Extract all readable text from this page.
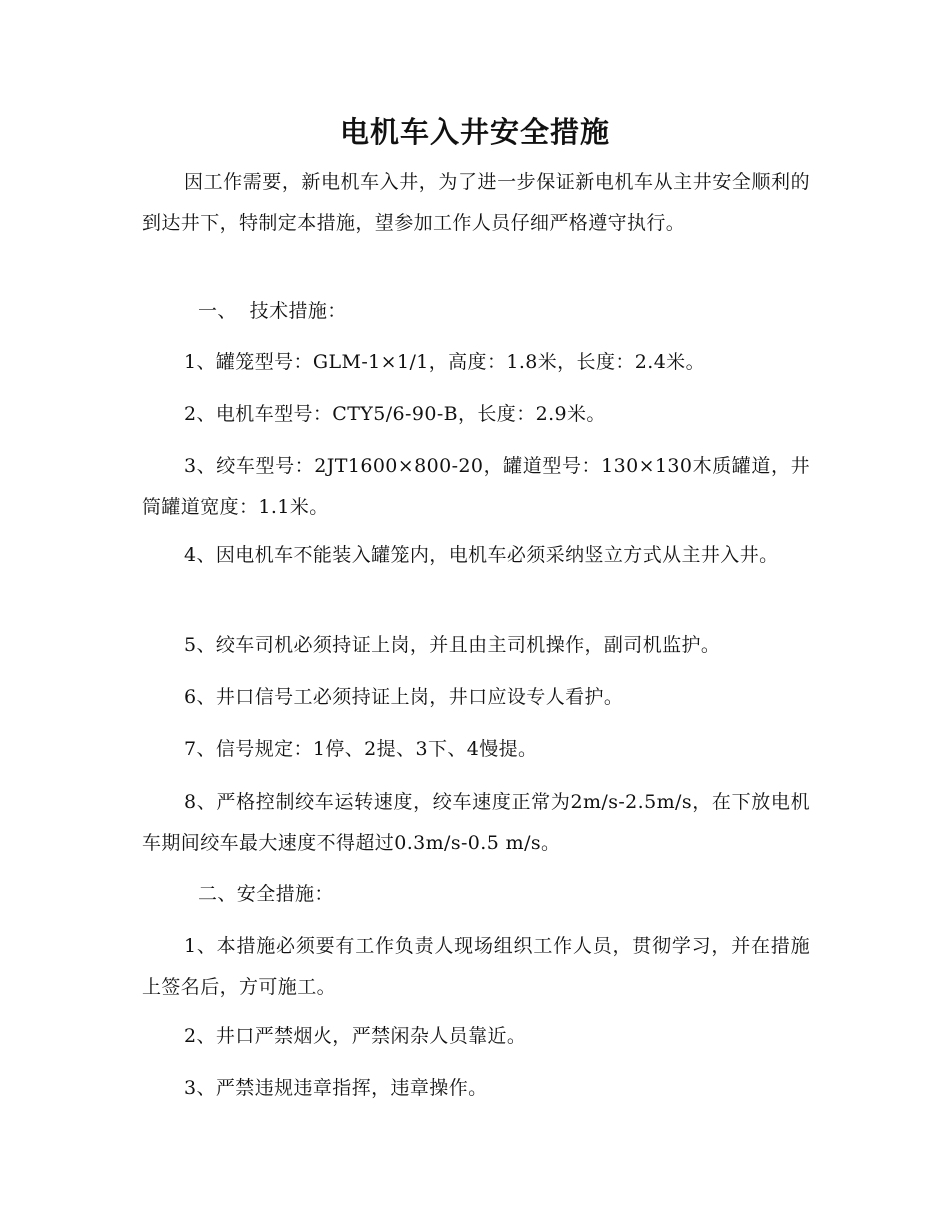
电机车入井安全措施

因工作需要，新电机车入井，为了进一步保证新电机车从主井安全顺利的到达井下，特制定本措施，望参加工作人员仔细严格遵守执行。

一、  技术措施：

1、罐笼型号：GLM-1×1/1，高度：1.8米，长度：2.4米。

2、电机车型号：CTY5/6-90-B，长度：2.9米。

3、绞车型号：2JT1600×800-20，罐道型号：130×130木质罐道，井筒罐道宽度：1.1米。

4、因电机车不能装入罐笼内，电机车必须采纳竖立方式从主井入井。

5、绞车司机必须持证上岗，并且由主司机操作，副司机监护。

6、井口信号工必须持证上岗，井口应设专人看护。

7、信号规定：1停、2提、3下、4慢提。

8、严格控制绞车运转速度，绞车速度正常为2m/s-2.5m/s，在下放电机车期间绞车最大速度不得超过0.3m/s-0.5 m/s。

二、安全措施：

1、本措施必须要有工作负责人现场组织工作人员，贯彻学习，并在措施上签名后，方可施工。

2、井口严禁烟火，严禁闲杂人员靠近。

3、严禁违规违章指挥，违章操作。
